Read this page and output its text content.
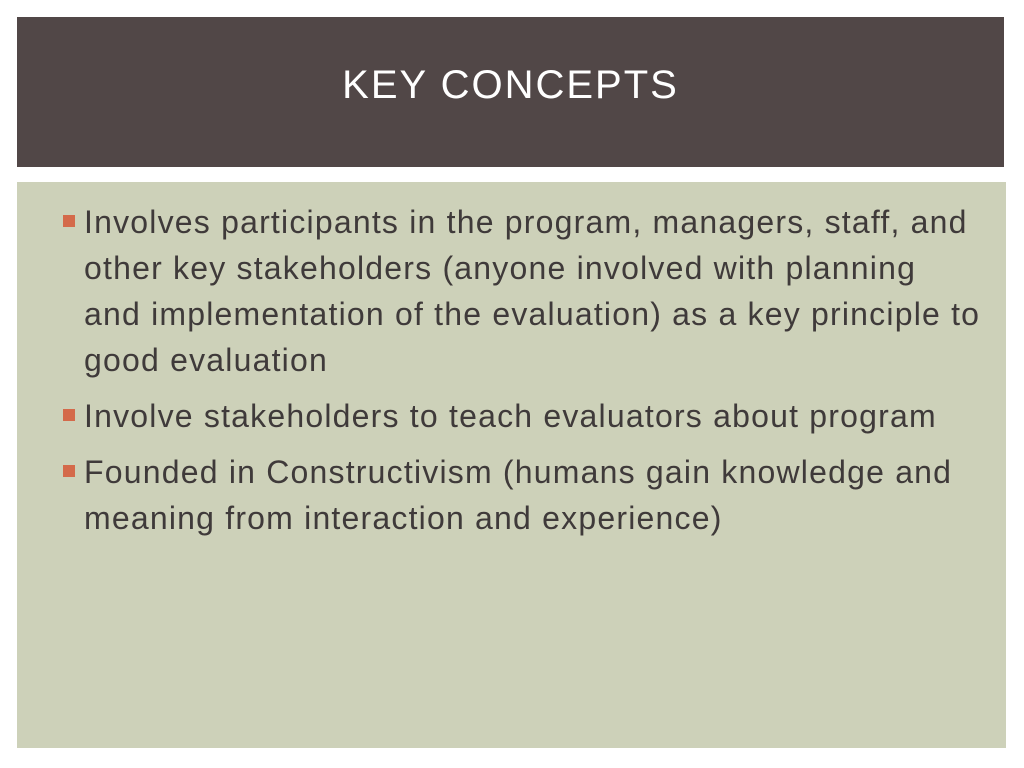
KEY CONCEPTS
Involves participants in the program, managers, staff, and other key stakeholders (anyone involved with planning and implementation of the evaluation) as a key principle to good evaluation
Involve stakeholders to teach evaluators about program
Founded in Constructivism (humans gain knowledge and meaning from interaction and experience)
